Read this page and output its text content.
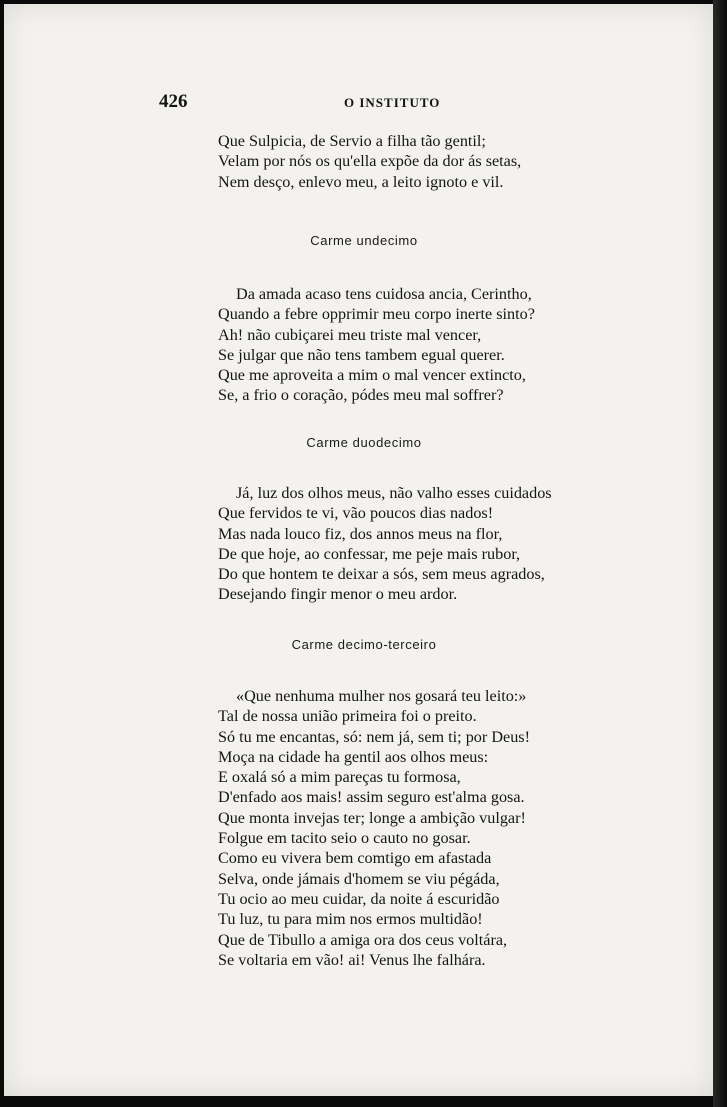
426	O INSTITUTO

Que Sulpicia, de Servio a filha tão gentil;

Velam por nós os qu'ella expõe da dor ás setas,

Nem desço, enlevo meu, a leito ignoto e vil.

Carme undecimo

Da amada acaso tens cuidosa ancia, Cerintho,

Quando a febre opprimir meu corpo inerte sinto?

Ah! não cubiçarei meu triste mal vencer,

Se julgar que não tens tambem egual querer.

Que me aproveita a mim o mal vencer extincto,

Se, a frio o coração, pódes meu mal soffrer?

Carme duodecimo

Já, luz dos olhos meus, não valho esses cuidados

Que fervidos te vi, vão poucos dias nados!

Mas nada louco fiz, dos annos meus na flor,

De que hoje, ao confessar, me peje mais rubor,

Do que hontem te deixar a sós, sem meus agrados,

Desejando fingir menor o meu ardor.

Carme decimo-terceiro

«Que nenhuma mulher nos gosará teu leito:»

Tal de nossa união primeira foi o preito.

Só tu me encantas, só: nem já, sem ti; por Deus!

Moça na cidade ha gentil aos olhos meus:

E oxalá só a mim pareças tu formosa,

D'enfado aos mais! assim seguro est'alma gosa.

Que monta invejas ter; longe a ambição vulgar!

Folgue em tacito seio o cauto no gosar.

Como eu vivera bem comtigo em afastada

Selva, onde jámais d'homem se viu pégáda,

Tu ocio ao meu cuidar, da noite á escuridão

Tu luz, tu para mim nos ermos multidão!

Que de Tibullo a amiga ora dos ceus voltára,

Se voltaria em vão! ai! Venus lhe falhára.
